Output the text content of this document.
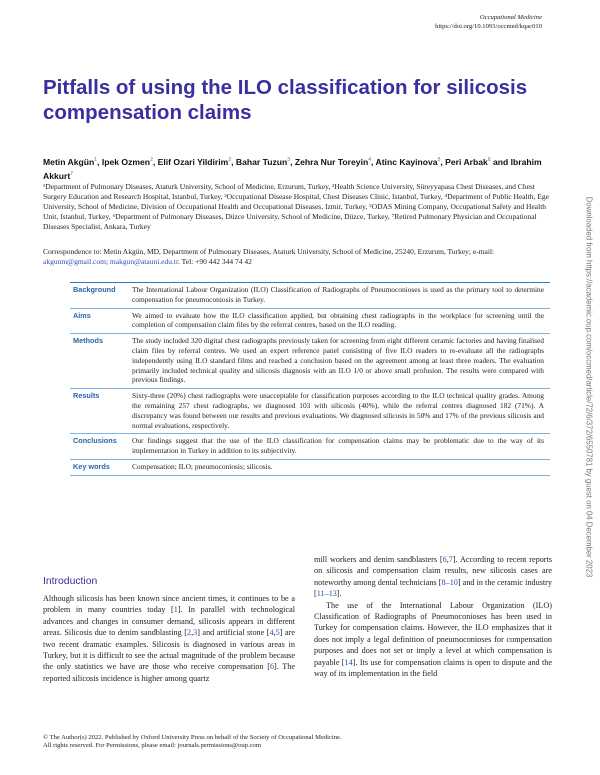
Occupational Medicine
https://doi.org/10.1093/occmed/kqac010
Pitfalls of using the ILO classification for silicosis compensation claims

Metin Akgün$^1$, Ipek Ozmen$^2$, Elif Ozari Yildirim$^2$, Bahar Tuzun$^3$, Zehra Nur Toreyin$^4$, Atinc Kayinova$^5$, Peri Arbak$^6$ and Ibrahim Akkurt$^7$

¹Department of Pulmonary Diseases, Ataturk University, School of Medicine, Erzurum, Turkey, ²Health Science University, Süreyyapasa Chest Diseases, and Chest Surgery Education and Research Hospital, Istanbul, Turkey, ³Occupational Disease Hospital, Chest Diseases Clinic, Istanbul, Turkey, ⁴Department of Public Health, Ege University, School of Medicine, Division of Occupational Health and Occupational Diseases, Izmir, Turkey, ⁵ODAS Mining Company, Occupational Safety and Health Unit, Istanbul, Turkey, ⁶Department of Pulmonary Diseases, Düzce University, School of Medicine, Düzce, Turkey, ⁷Retired Pulmonary Physician and Occupational Diseases Specialist, Ankara, Turkey

Correspondence to: Metin Akgün, MD, Department of Pulmonary Diseases, Ataturk University, School of Medicine, 25240, Erzurum, Turkey; e-mail: akgunm@gmail.com; makgun@atauni.edu.tr. Tel: +90 442 344 74 42

Background	The International Labour Organization (ILO) Classification of Radiographs of Pneumoconioses is used as the primary tool to determine compensation for pneumoconiosis in Turkey.
Aims	We aimed to evaluate how the ILO classification applied, but obtaining chest radiographs in the workplace for screening until the completion of compensation claim files by the referral centres, based on the ILO reading.
Methods	The study included 320 digital chest radiographs previously taken for screening from eight different ceramic factories and having finalised claim files by referral centres. We used an expert reference panel consisting of five ILO readers to re-evaluate all the radiographs independently using ILO standard films and reached a conclusion based on the agreement among at least three readers. The evaluation primarily included technical quality and silicosis diagnosis with an ILO 1/0 or above small profusion. The results were compared with previous findings.
Results	Sixty-three (20%) chest radiographs were unacceptable for classification purposes according to the ILO technical quality grades. Among the remaining 257 chest radiographs, we diagnosed 103 with silicosis (40%), while the referral centres diagnosed 182 (71%). A discrepancy was found between our results and previous evaluations. We diagnosed silicosis in 50% and 17% of the previous silicosis and normal evaluations, respectively.
Conclusions	Our findings suggest that the use of the ILO classification for compensation claims may be problematic due to the way of its implementation in Turkey in addition to its subjectivity.
Key words	Compensation; ILO; pneumoconiosis; silicosis.
Introduction

Although silicosis has been known since ancient times, it continues to be a problem in many countries today [1]. In parallel with technological advances and changes in consumer demand, silicosis appears in different areas. Silicosis due to denim sandblasting [2,3] and artificial stone [4,5] are two recent dramatic examples. Silicosis is diagnosed in various areas in Turkey, but it is difficult to see the actual magnitude of the problem because the only statistics we have are those who receive compensation [6]. The reported silicosis incidence is higher among quartz

mill workers and denim sandblasters [6,7]. According to recent reports on silicosis and compensation claim results, new silicosis cases are noteworthy among dental technicians [8–10] and in the ceramic industry [11–13].

The use of the International Labour Organization (ILO) Classification of Radiographs of Pneumoconioses has been used in Turkey for compensation claims. However, the ILO emphasizes that it does not imply a legal definition of pneumoconioses for compensation purposes and does not set or imply a level at which compensation is payable [14]. Its use for compensation claims is open to dispute and the way of its implementation in the field

© The Author(s) 2022. Published by Oxford University Press on behalf of the Society of Occupational Medicine.
All rights reserved. For Permissions, please email: journals.permissions@oup.com
Downloaded from https://academic.oup.com/occmed/article/72/6/372/6550781 by guest on 04 December 2023
